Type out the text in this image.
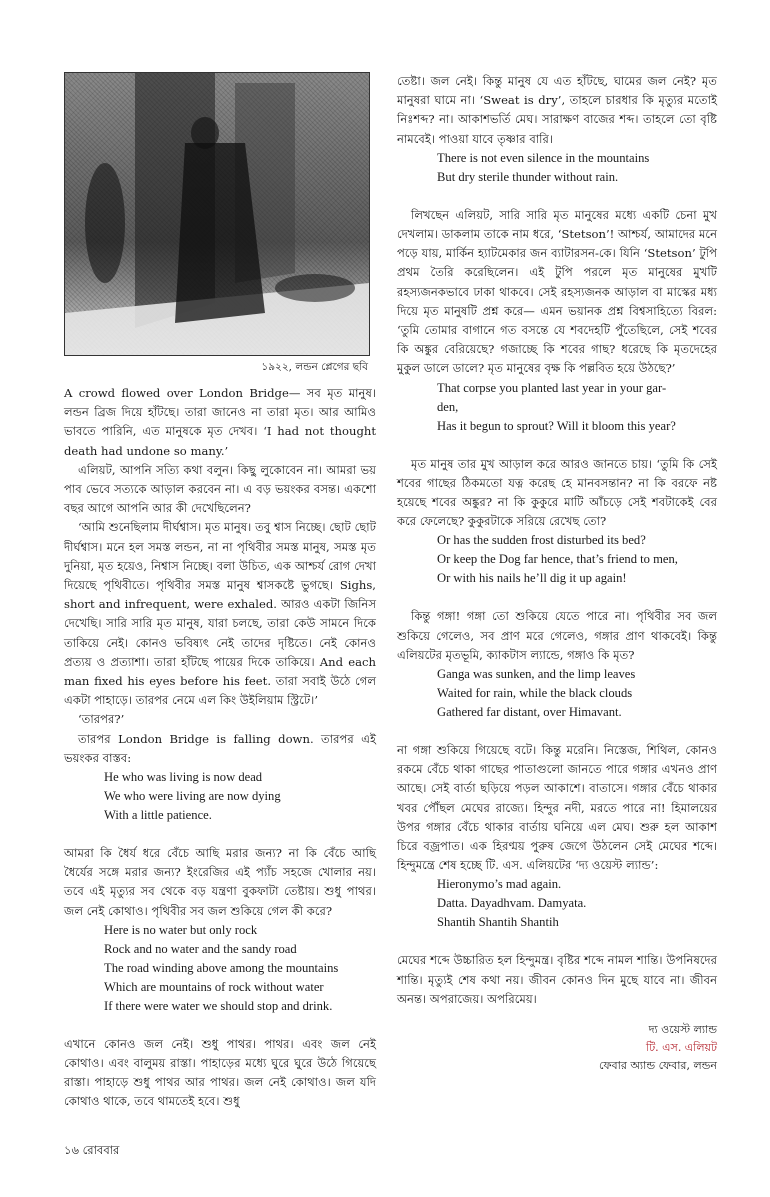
১৯২২, লন্ডন প্লেগের ছবি

A crowd flowed over London Bridge— সব মৃত মানুষ। লন্ডন ব্রিজ দিয়ে হাঁটছে। তারা জানেও না তারা মৃত। আর আমিও ভাবতে পারিনি, এত মানুষকে মৃত দেখব। ‘I had not thought death had undone so many.’

এলিয়ট, আপনি সত্যি কথা বলুন। কিছু লুকোবেন না। আমরা ভয় পাব ভেবে সত্যকে আড়াল করবেন না। এ বড় ভয়ংকর বসন্ত। একশো বছর আগে আপনি আর কী দেখেছিলেন?

‘আমি শুনেছিলাম দীর্ঘশ্বাস। মৃত মানুষ। তবু শ্বাস নিচ্ছে। ছোট ছোট দীর্ঘশ্বাস। মনে হল সমস্ত লন্ডন, না না পৃথিবীর সমস্ত মানুষ, সমস্ত মৃত দুনিয়া, মৃত হয়েও, নিশ্বাস নিচ্ছে। বলা উচিত, এক আশ্চর্য রোগ দেখা দিয়েছে পৃথিবীতে। পৃথিবীর সমস্ত মানুষ শ্বাসকষ্টে ভুগছে। Sighs, short and infrequent, were exhaled. আরও একটা জিনিস দেখেছি। সারি সারি মৃত মানুষ, যারা চলছে, তারা কেউ সামনে দিকে তাকিয়ে নেই। কোনও ভবিষ্যৎ নেই তাদের দৃষ্টিতে। নেই কোনও প্রত্যয় ও প্রত্যাশা। তারা হাঁটছে পায়ের দিকে তাকিয়ে। And each man fixed his eyes before his feet. তারা সবাই উঠে গেল একটা পাহাড়ে। তারপর নেমে এল কিং উইলিয়াম স্ট্রিটে।’

‘তারপর?’

তারপর London Bridge is falling down. তারপর এই ভয়ংকর বাস্তব:

He who was living is now dead
We who were living are now dying
With a little patience.

আমরা কি ধৈর্য ধরে বেঁচে আছি মরার জন্য? না কি বেঁচে আছি ধৈর্যের সঙ্গে মরার জন্য? ইংরেজির এই প্যাঁচ সহজে খোলার নয়। তবে এই মৃত্যুর সব থেকে বড় যন্ত্রণা বুকফাটা তেষ্টায়। শুধু পাথর। জল নেই কোথাও। পৃথিবীর সব জল শুকিয়ে গেল কী করে?

Here is no water but only rock
Rock and no water and the sandy road
The road winding above among the mountains
Which are mountains of rock without water
If there were water we should stop and drink.

এখানে কোনও জল নেই। শুধু পাথর। পাথর। এবং জল নেই কোথাও। এবং বালুময় রাস্তা। পাহাড়ের মধ্যে ঘুরে ঘুরে উঠে গিয়েছে রাস্তা। পাহাড়ে শুধু পাথর আর পাথর। জল নেই কোথাও। জল যদি কোথাও থাকে, তবে থামতেই হবে। শুধু

তেষ্টা। জল নেই। কিন্তু মানুষ যে এত হাঁটছে, ঘামের জল নেই? মৃত মানুষরা ঘামে না। ‘Sweat is dry’, তাহলে চারধার কি মৃত্যুর মতোই নিঃশব্দ? না। আকাশভর্তি মেঘ। সারাক্ষণ বাজের শব্দ। তাহলে তো বৃষ্টি নামবেই। পাওয়া যাবে তৃষ্ণার বারি।

There is not even silence in the mountains
But dry sterile thunder without rain.

লিখছেন এলিয়ট, সারি সারি মৃত মানুষের মধ্যে একটি চেনা মুখ দেখলাম। ডাকলাম তাকে নাম ধরে, ‘Stetson’! আশ্চর্য, আমাদের মনে পড়ে যায়, মার্কিন হ্যাটমেকার জন ব্যাটারসন-কে। যিনি ‘Stetson’ টুপি প্রথম তৈরি করেছিলেন। এই টুপি পরলে মৃত মানুষের মুখটি রহস্যজনকভাবে ঢাকা থাকবে। সেই রহস্যজনক আড়াল বা মাস্কের মধ্য দিয়ে মৃত মানুষটি প্রশ্ন করে— এমন ভয়ানক প্রশ্ন বিশ্বসাহিত্যে বিরল: ‘তুমি তোমার বাগানে গত বসন্তে যে শবদেহটি পুঁতেছিলে, সেই শবের কি অঙ্কুর বেরিয়েছে? গজাচ্ছে কি শবের গাছ? ধরেছে কি মৃতদেহের মুকুল ডালে ডালে? মৃত মানুষের বৃক্ষ কি পল্লবিত হয়ে উঠছে?’

That corpse you planted last year in your gar-
den,
Has it begun to sprout? Will it bloom this year?

মৃত মানুষ তার মুখ আড়াল করে আরও জানতে চায়। ‘তুমি কি সেই শবের গাছের ঠিকমতো যত্ন করেছ হে মানবসন্তান? না কি বরফে নষ্ট হয়েছে শবের অঙ্কুর? না কি কুকুরে মাটি আঁচড়ে সেই শবটাকেই বের করে ফেলেছে? কুকুরটাকে সরিয়ে রেখেছ তো?

Or has the sudden frost disturbed its bed?
Or keep the Dog far hence, that’s friend to men,
Or with his nails he’ll dig it up again!

কিন্তু গঙ্গা! গঙ্গা তো শুকিয়ে যেতে পারে না। পৃথিবীর সব জল শুকিয়ে গেলেও, সব প্রাণ মরে গেলেও, গঙ্গার প্রাণ থাকবেই। কিন্তু এলিয়টের মৃতভূমি, ক্যাকটাস ল্যান্ডে, গঙ্গাও কি মৃত?

Ganga was sunken, and the limp leaves
Waited for rain, while the black clouds
Gathered far distant, over Himavant.

না গঙ্গা শুকিয়ে গিয়েছে বটে। কিন্তু মরেনি। নিস্তেজ, শিথিল, কোনও রকমে বেঁচে থাকা গাছের পাতাগুলো জানতে পারে গঙ্গার এখনও প্রাণ আছে। সেই বার্তা ছড়িয়ে পড়ল আকাশে। বাতাসে। গঙ্গার বেঁচে থাকার খবর পৌঁছল মেঘের রাজ্যে। হিন্দুর নদী, মরতে পারে না! হিমালয়ের উপর গঙ্গার বেঁচে থাকার বার্তায় ঘনিয়ে এল মেঘ। শুরু হল আকাশ চিরে বজ্রপাত। এক হিরণ্ময় পুরুষ জেগে উঠলেন সেই মেঘের শব্দে। হিন্দুমন্ত্রে শেষ হচ্ছে টি. এস. এলিয়টের ‘দ্য ওয়েস্ট ল্যান্ড’:

Hieronymo’s mad again.
Datta. Dayadhvam. Damyata.
Shantih Shantih Shantih

মেঘের শব্দে উচ্চারিত হল হিন্দুমন্ত্র। বৃষ্টির শব্দে নামল শান্তি। উপনিষদের শান্তি। মৃত্যুই শেষ কথা নয়। জীবন কোনও দিন মুছে যাবে না। জীবন অনন্ত। অপরাজেয়। অপরিমেয়।

দ্য ওয়েস্ট ল্যান্ড
টি. এস. এলিয়ট
ফেবার অ্যান্ড ফেবার, লন্ডন
১৬ রোববার
